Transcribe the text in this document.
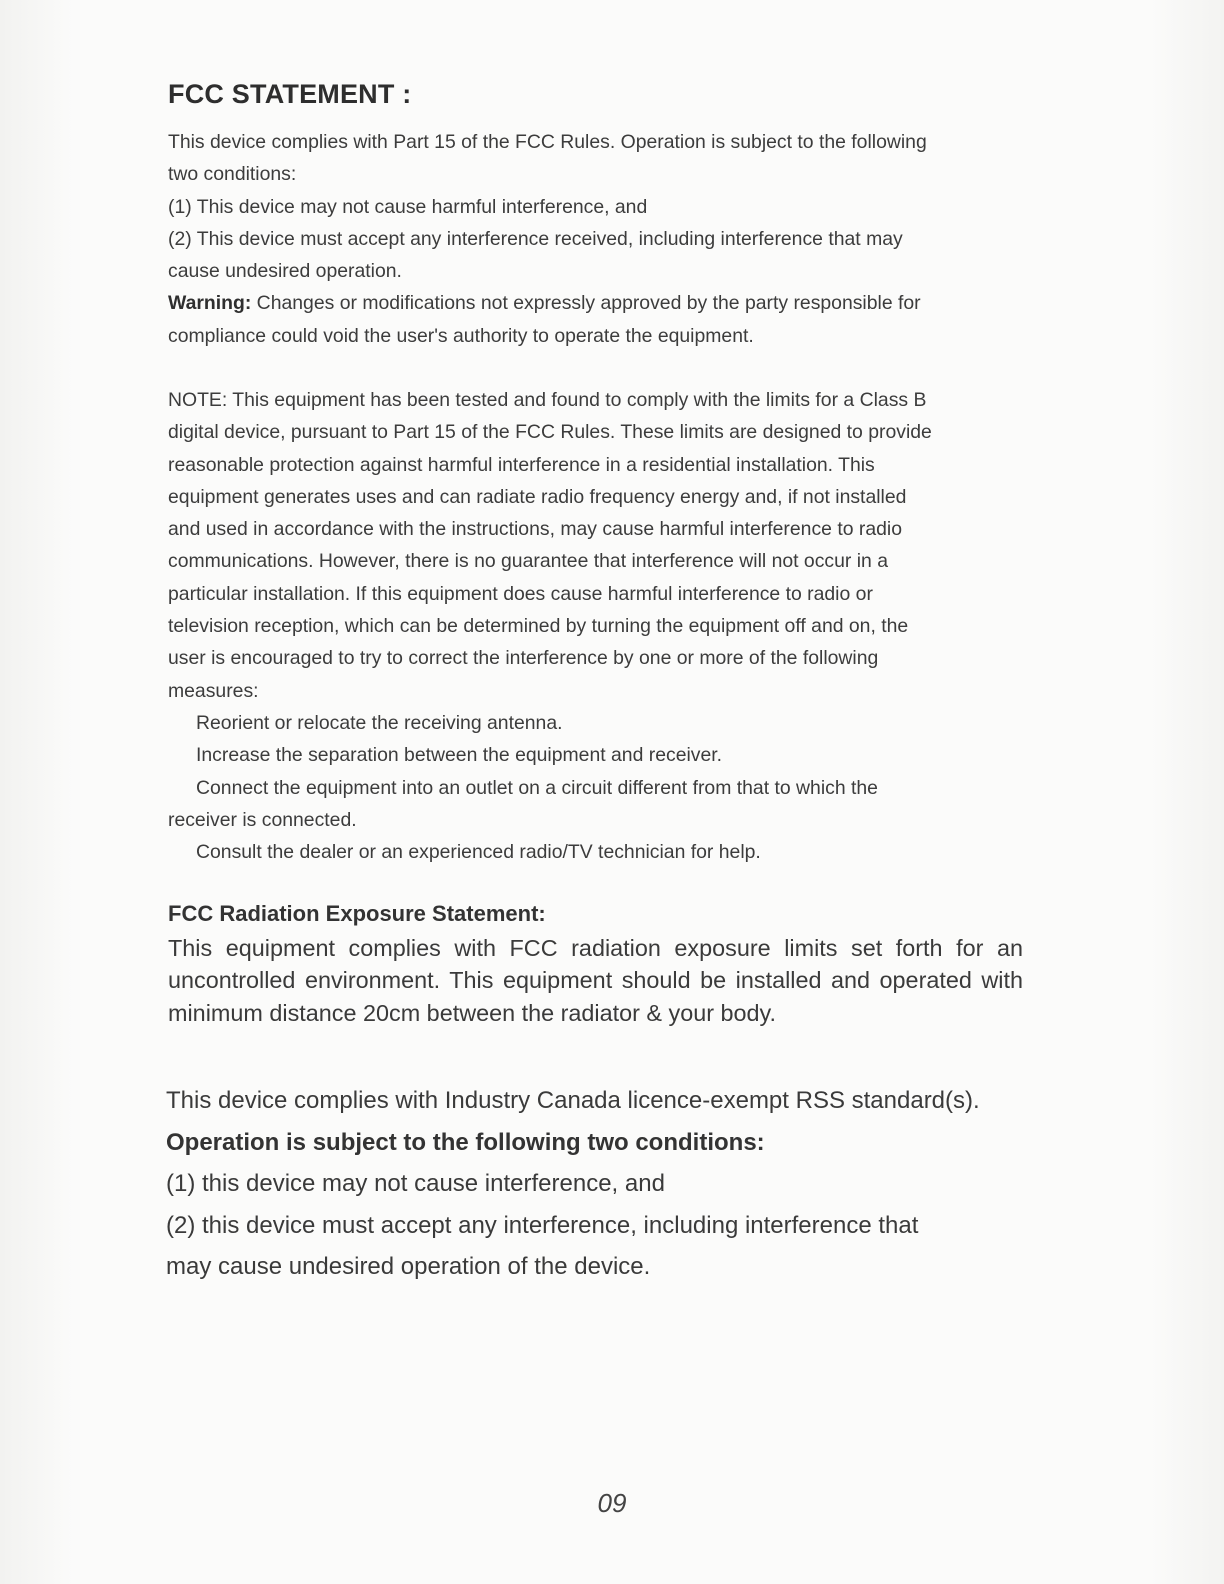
FCC STATEMENT :

This device complies with Part 15 of the FCC Rules. Operation is subject to the following

two conditions:

(1) This device may not cause harmful interference, and

(2) This device must accept any interference received, including interference that may

cause undesired operation.

Warning: Changes or modifications not expressly approved by the party responsible for

compliance could void the user's authority to operate the equipment.

NOTE: This equipment has been tested and found to comply with the limits for a Class B

digital device, pursuant to Part 15 of the FCC Rules. These limits are designed to provide

reasonable protection against harmful interference in a residential installation. This

equipment generates uses and can radiate radio frequency energy and, if not installed

and used in accordance with the instructions, may cause harmful interference to radio

communications. However, there is no guarantee that interference will not occur in a

particular installation. If this equipment does cause harmful interference to radio or

television reception, which can be determined by turning the equipment off and on, the

user is encouraged to try to correct the interference by one or more of the following

measures:

Reorient or relocate the receiving antenna.

Increase the separation between the equipment and receiver.

Connect the equipment into an outlet on a circuit different from that to which the

receiver is connected.

Consult the dealer or an experienced radio/TV technician for help.

FCC Radiation Exposure Statement:

This equipment complies with FCC radiation exposure limits set forth for an uncontrolled environment. This equipment should be installed and operated with minimum distance 20cm between the radiator & your body.

This device complies with Industry Canada licence-exempt RSS standard(s).

Operation is subject to the following two conditions:

(1) this device may not cause interference, and

(2) this device must accept any interference, including interference that

may cause undesired operation of the device.

09
